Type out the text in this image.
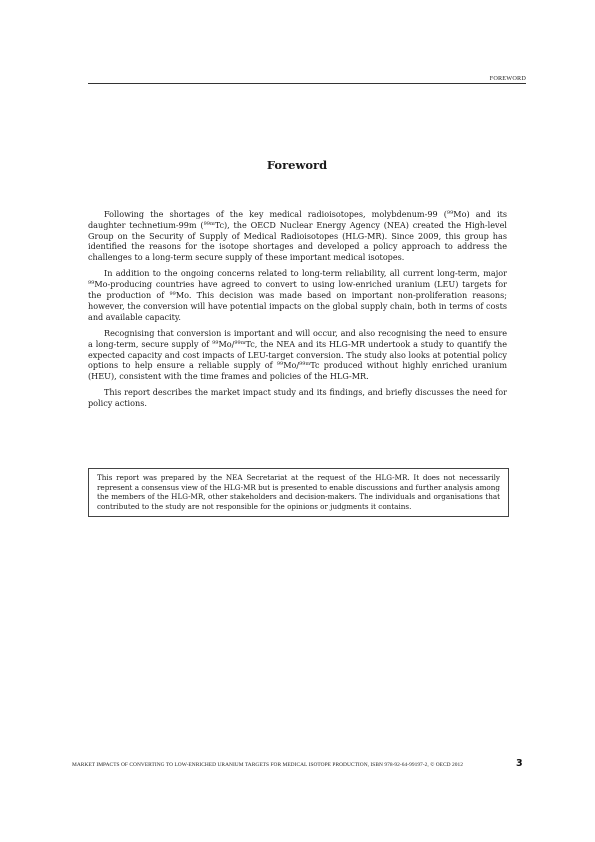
FOREWORD
Foreword

Following the shortages of the key medical radioisotopes, molybdenum-99 ($^{99}$Mo) and its daughter technetium-99m ($^{99m}$Tc), the OECD Nuclear Energy Agency (NEA) created the High-level Group on the Security of Supply of Medical Radioisotopes (HLG-MR). Since 2009, this group has identified the reasons for the isotope shortages and developed a policy approach to address the challenges to a long-term secure supply of these important medical isotopes.

In addition to the ongoing concerns related to long-term reliability, all current long-term, major $^{99}$Mo-producing countries have agreed to convert to using low-enriched uranium (LEU) targets for the production of $^{99}$Mo. This decision was made based on important non-proliferation reasons; however, the conversion will have potential impacts on the global supply chain, both in terms of costs and available capacity.

Recognising that conversion is important and will occur, and also recognising the need to ensure a long-term, secure supply of $^{99}$Mo/$^{99m}$Tc, the NEA and its HLG-MR undertook a study to quantify the expected capacity and cost impacts of LEU-target conversion. The study also looks at potential policy options to help ensure a reliable supply of $^{99}$Mo/$^{99m}$Tc produced without highly enriched uranium (HEU), consistent with the time frames and policies of the HLG-MR.

This report describes the market impact study and its findings, and briefly discusses the need for policy actions.

This report was prepared by the NEA Secretariat at the request of the HLG-MR. It does not necessarily represent a consensus view of the HLG-MR but is presented to enable discussions and further analysis among the members of the HLG-MR, other stakeholders and decision-makers. The individuals and organisations that contributed to the study are not responsible for the opinions or judgments it contains.
MARKET IMPACTS OF CONVERTING TO LOW-ENRICHED URANIUM TARGETS FOR MEDICAL ISOTOPE PRODUCTION, ISBN 978-92-64-99197-2, © OECD 2012	3
